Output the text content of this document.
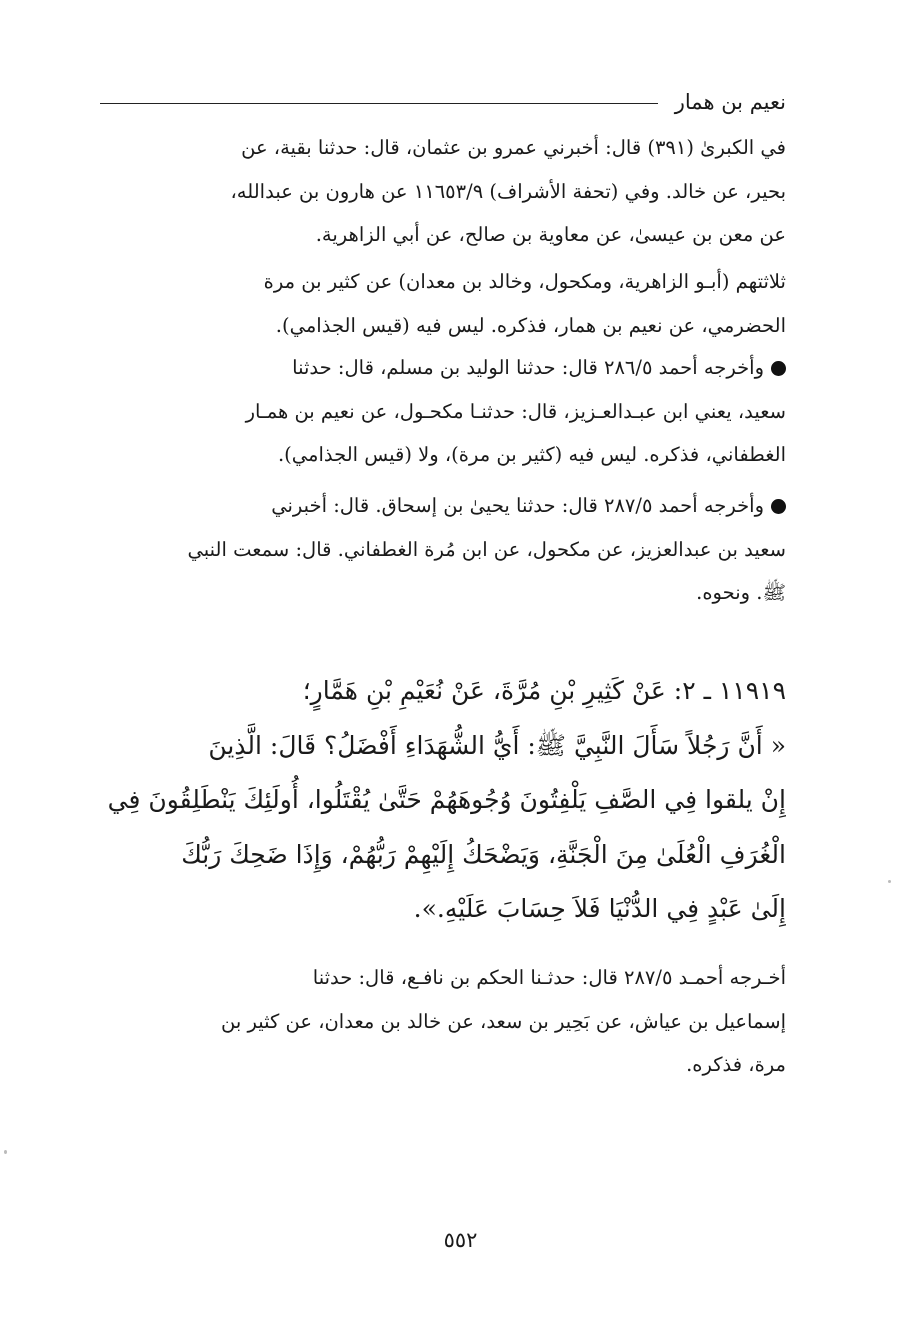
نعيم بن همار
في الكبرىٰ (٣٩١) قال: أخبرني عمرو بن عثمان، قال: حدثنا بقية، عن
بحير، عن خالد. وفي (تحفة الأشراف) ١١٦٥٣/٩ عن هارون بن عبدالله،
عن معن بن عيسىٰ، عن معاوية بن صالح، عن أبي الزاهرية.
ثلاثتهم (أبـو الزاهرية، ومكحول، وخالد بن معدان) عن كثير بن مرة
الحضرمي، عن نعيم بن همار، فذكره. ليس فيه (قيس الجذامي).
وأخرجه أحمد ٢٨٦/٥ قال: حدثنا الوليد بن مسلم، قال: حدثنا
سعيد، يعني ابن عبـدالعـزيز، قال: حدثنـا مكحـول، عن نعيم بن همـار
الغطفاني، فذكره. ليس فيه (كثير بن مرة)، ولا (قيس الجذامي).
وأخرجه أحمد ٢٨٧/٥ قال: حدثنا يحيىٰ بن إسحاق. قال: أخبرني
سعيد بن عبدالعزيز، عن مكحول، عن ابن مُرة الغطفاني. قال: سمعت النبي
ﷺ. ونحوه.
١١٩١٩ ـ ٢: عَنْ كَثِيرِ بْنِ مُرَّةَ، عَنْ نُعَيْمِ بْنِ هَمَّارٍ؛
« أَنَّ رَجُلاً سَأَلَ النَّبِيَّ ﷺ: أَيُّ الشُّهَدَاءِ أَفْضَلُ؟ قَالَ: الَّذِينَ
إِنْ يلقوا فِي الصَّفِ يَلْفِتُونَ وُجُوهَهُمْ حَتَّىٰ يُقْتَلُوا، أُولَئِكَ يَنْطَلِقُونَ فِي
الْغُرَفِ الْعُلَىٰ مِنَ الْجَنَّةِ، وَيَضْحَكُ إِلَيْهِمْ رَبُّهُمْ، وَإِذَا ضَحِكَ رَبُّكَ
إِلَىٰ عَبْدٍ فِي الدُّنْيَا فَلاَ حِسَابَ عَلَيْهِ.».
أخـرجه أحمـد ٢٨٧/٥ قال: حدثـنا الحكم بن نافـع، قال: حدثنا
إسماعيل بن عياش، عن بَحِير بن سعد، عن خالد بن معدان، عن كثير بن
مرة، فذكره.
٥٥٢
